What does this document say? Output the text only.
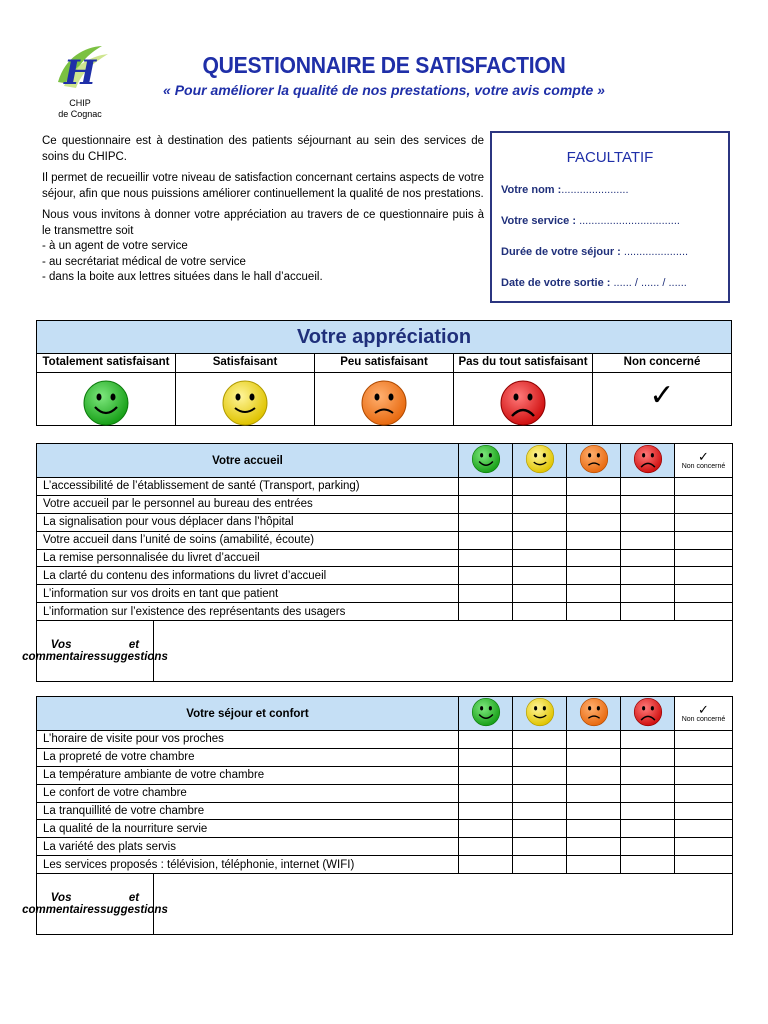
H
CHIP
de Cognac
QUESTIONNAIRE DE SATISFACTION
« Pour améliorer la qualité de nos prestations, votre avis compte »

Ce questionnaire est à destination des patients séjournant au sein des services de soins du CHIPC.

Il permet de recueillir votre niveau de satisfaction concernant certains aspects de votre séjour, afin que nous puissions améliorer continuellement la qualité de nos prestations.

Nous vous invitons à donner votre appréciation au travers de ce questionnaire puis à le transmettre soit

- à un agent de votre service
- au secrétariat médical de votre service
- dans la boite aux lettres situées dans le hall d’accueil.
FACULTATIF
Votre nom :......................
Votre service : .................................
Durée de votre séjour : .....................
Date de votre sortie : ...... / ...... / ......
Votre appréciation
Totalement satisfaisant	Satisfaisant	Peu satisfaisant	Pas du tout satisfaisant	Non concerné
✓
Votre accueil					✓
Non concerné
L’accessibilité de l’établissement de santé (Transport, parking)					
Votre accueil par le personnel au bureau des entrées					
La signalisation pour vous déplacer dans l’hôpital					
Votre accueil dans l’unité de soins (amabilité, écoute)					
La remise personnalisée du livret d’accueil					
La clarté du contenu des informations du livret d’accueil					
L’information sur vos droits en tant que patient					
L’information sur l’existence des représentants des usagers					

Vos commentaires

et suggestions					
Votre séjour et confort					✓
Non concerné
L’horaire de visite pour vos proches					
La propreté de votre chambre					
La température ambiante de votre chambre					
Le confort de votre chambre					
La tranquillité de votre chambre					
La qualité de la nourriture servie					
La variété des plats servis					
Les services proposés : télévision, téléphonie, internet (WIFI)					

Vos commentaires

et suggestions					
